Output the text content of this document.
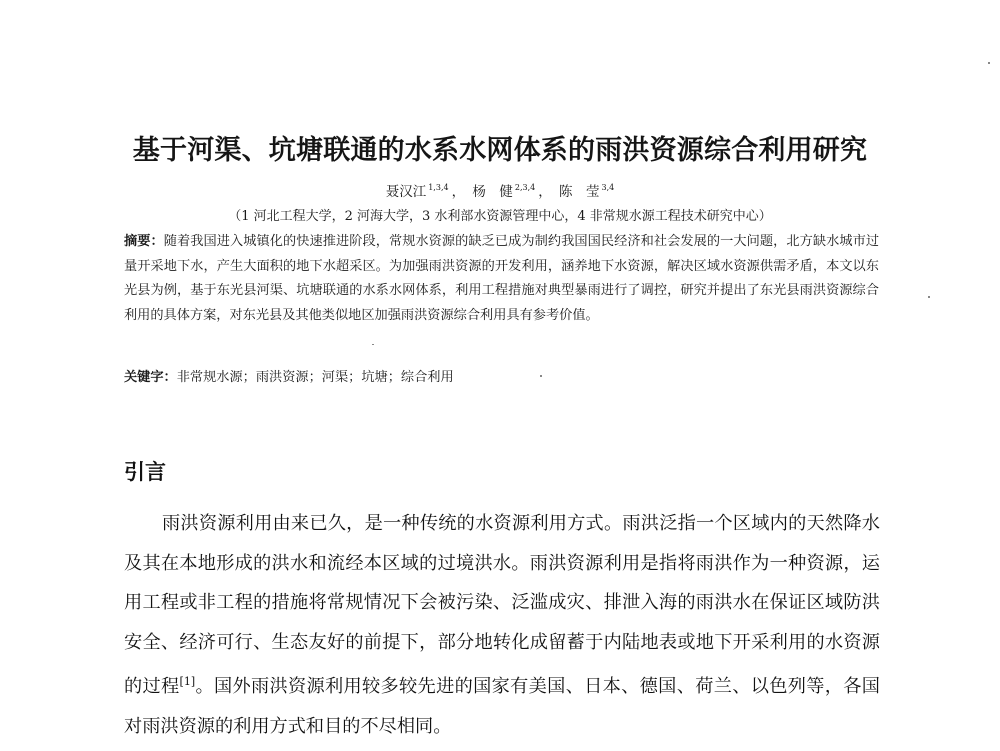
基于河渠、坑塘联通的水系水网体系的雨洪资源综合利用研究
聂汉江 $^{1,3,4}$ ， 杨　健 $^{2,3,4}$ ， 陈　莹 $^{3,4}$
（1 河北工程大学，2 河海大学，3 水利部水资源管理中心，4 非常规水源工程技术研究中心）
摘要：随着我国进入城镇化的快速推进阶段，常规水资源的缺乏已成为制约我国国民经济和社会发展的一大问题，北方缺水城市过量开采地下水，产生大面积的地下水超采区。为加强雨洪资源的开发利用，涵养地下水资源，解决区域水资源供需矛盾，本文以东光县为例，基于东光县河渠、坑塘联通的水系水网体系，利用工程措施对典型暴雨进行了调控，研究并提出了东光县雨洪资源综合利用的具体方案，对东光县及其他类似地区加强雨洪资源综合利用具有参考价值。
关键字：非常规水源；雨洪资源；河渠；坑塘；综合利用
引言
雨洪资源利用由来已久，是一种传统的水资源利用方式。雨洪泛指一个区域内的天然降水及其在本地形成的洪水和流经本区域的过境洪水。雨洪资源利用是指将雨洪作为一种资源，运用工程或非工程的措施将常规情况下会被污染、泛滥成灾、排泄入海的雨洪水在保证区域防洪安全、经济可行、生态友好的前提下，部分地转化成留蓄于内陆地表或地下开采利用的水资源的过程[1]。国外雨洪资源利用较多较先进的国家有美国、日本、德国、荷兰、以色列等，各国对雨洪资源的利用方式和目的不尽相同。
